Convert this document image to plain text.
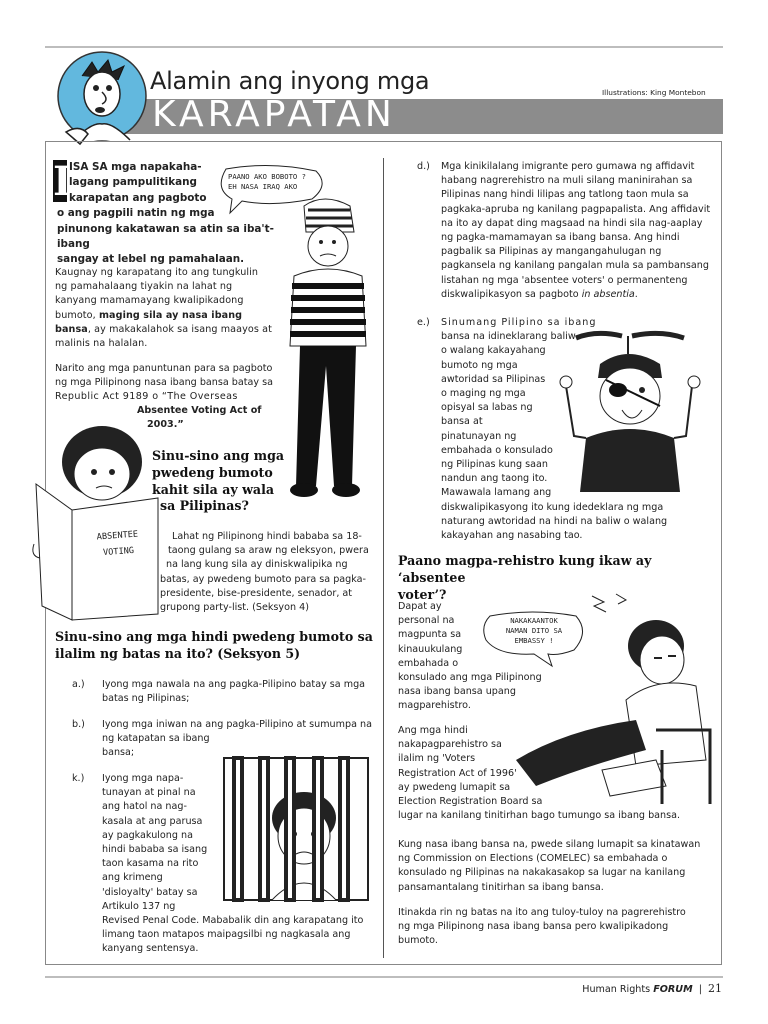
Alamin ang inyong mga
KARAPATAN
Illustrations: King Montebon
I
ISA SA mga napakaha-
lagang pampulitikang
karapatan ang pagboto
o ang pagpili natin ng mga
pinunong kakatawan sa atin sa iba't-ibang
sangay at lebel ng pamahalaan.

Kaugnay ng karapatang ito ang tungkulin ng pamahalaang tiyakin na lahat ng kanyang mamamayang kwalipikadong bumoto, maging sila ay nasa ibang bansa, ay makakalahok sa isang maayos at malinis na halalan.

Narito ang mga panuntunan para sa pagboto
ng mga Pilipinong nasa ibang bansa batay sa
Republic Act 9189 o “The Overseas
Absentee Voting Act of
2003.”
PAANO AKO BOBOTO ?
EH NASA IRAQ AKO
ABSENTEE
VOTING
Sinu-sino ang mga
pwedeng bumoto
kahit sila ay wala
sa Pilipinas?
Lahat ng Pilipinong hindi bababa sa 18-
taong gulang sa araw ng eleksyon, pwera
na lang kung sila ay diniskwalipika ng
batas, ay pwedeng bumoto para sa pagka-
presidente, bise-presidente, senador, at
grupong party-list. (Seksyon 4)
Sinu-sino ang mga hindi pwedeng bumoto sa
ilalim ng batas na ito? (Seksyon 5)
a.)	Iyong mga nawala na ang pagka-Pilipino batay sa mga
batas ng Pilipinas;
b.)	Iyong mga iniwan na ang pagka-Pilipino at sumumpa na
ng katapatan sa ibang
bansa;
k.)	Iyong mga napa-
tunayan at pinal na
ang hatol na nag-
kasala at ang parusa
ay pagkakulong na
hindi bababa sa isang
taon kasama na rito
ang krimeng
'disloyalty' batay sa
Artikulo 137 ng
Revised Penal Code. Mababalik din ang karapatang ito
limang taon matapos maipagsilbi ng nagkasala ang
kanyang sentensya.
d.)	Mga kinikilalang imigrante pero gumawa ng affidavit
habang nagrerehistro na muli silang maninirahan sa
Pilipinas nang hindi lilipas ang tatlong taon mula sa
pagkaka-apruba ng kanilang pagpapalista. Ang affidavit
na ito ay dapat ding magsaad na hindi sila nag-aaplay
ng pagka-mamamayan sa ibang bansa. Ang hindi
pagbalik sa Pilipinas ay mangangahulugan ng
pagkansela ng kanilang pangalan mula sa pambansang
listahan ng mga 'absentee voters' o permanenteng
diskwalipikasyon sa pagboto in absentia.
e.)	Sinumang Pilipino sa ibang
bansa na idineklarang baliw
o walang kakayahang
bumoto ng mga
awtoridad sa Pilipinas
o maging ng mga
opisyal sa labas ng
bansa at
pinatunayan ng
embahada o konsulado
ng Pilipinas kung saan
nandun ang taong ito.
Mawawala lamang ang
diskwalipikasyong ito kung idedeklara ng mga
naturang awtoridad na hindi na baliw o walang
kakayahan ang nasabing tao.
Paano magpa-rehistro kung ikaw ay ‘absentee
voter’?
Dapat ay
personal na
magpunta sa
kinauukulang
embahada o
konsulado ang mga Pilipinong
nasa ibang bansa upang
magparehistro.
NAKAKAANTOK
NAMAN DITO SA
EMBASSY !
Ang mga hindi
nakapagparehistro sa
ilalim ng 'Voters
Registration Act of 1996'
ay pwedeng lumapit sa
Election Registration Board sa
lugar na kanilang tinitirhan bago tumungo sa ibang bansa.
Kung nasa ibang bansa na, pwede silang lumapit sa kinatawan
ng Commission on Elections (COMELEC) sa embahada o
konsulado ng Pilipinas na nakakasakop sa lugar na kanilang
pansamantalang tinitirhan sa ibang bansa.
Itinakda rin ng batas na ito ang tuloy-tuloy na pagrerehistro
ng mga Pilipinong nasa ibang bansa pero kwalipikadong
bumoto.
Human Rights FORUM | 21
